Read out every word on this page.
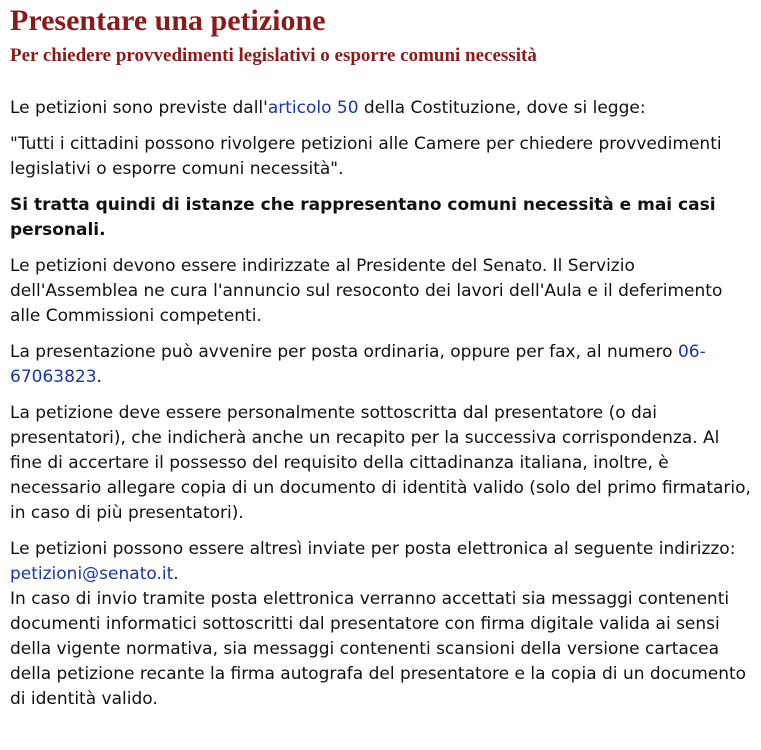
Presentare una petizione
Per chiedere provvedimenti legislativi o esporre comuni necessità

Le petizioni sono previste dall'articolo 50 della Costituzione, dove si legge:

"Tutti i cittadini possono rivolgere petizioni alle Camere per chiedere provvedimenti legislativi o esporre comuni necessità".

Si tratta quindi di istanze che rappresentano comuni necessità e mai casi personali.

Le petizioni devono essere indirizzate al Presidente del Senato. Il Servizio dell'Assemblea ne cura l'annuncio sul resoconto dei lavori dell'Aula e il deferimento alle Commissioni competenti.

La presentazione può avvenire per posta ordinaria, oppure per fax, al numero 06-67063823.

La petizione deve essere personalmente sottoscritta dal presentatore (o dai presentatori), che indicherà anche un recapito per la successiva corrispondenza. Al fine di accertare il possesso del requisito della cittadinanza italiana, inoltre, è necessario allegare copia di un documento di identità valido (solo del primo firmatario, in caso di più presentatori).

Le petizioni possono essere altresì inviate per posta elettronica al seguente indirizzo: petizioni@senato.it.
In caso di invio tramite posta elettronica verranno accettati sia messaggi contenenti documenti informatici sottoscritti dal presentatore con firma digitale valida ai sensi della vigente normativa, sia messaggi contenenti scansioni della versione cartacea della petizione recante la firma autografa del presentatore e la copia di un documento di identità valido.
